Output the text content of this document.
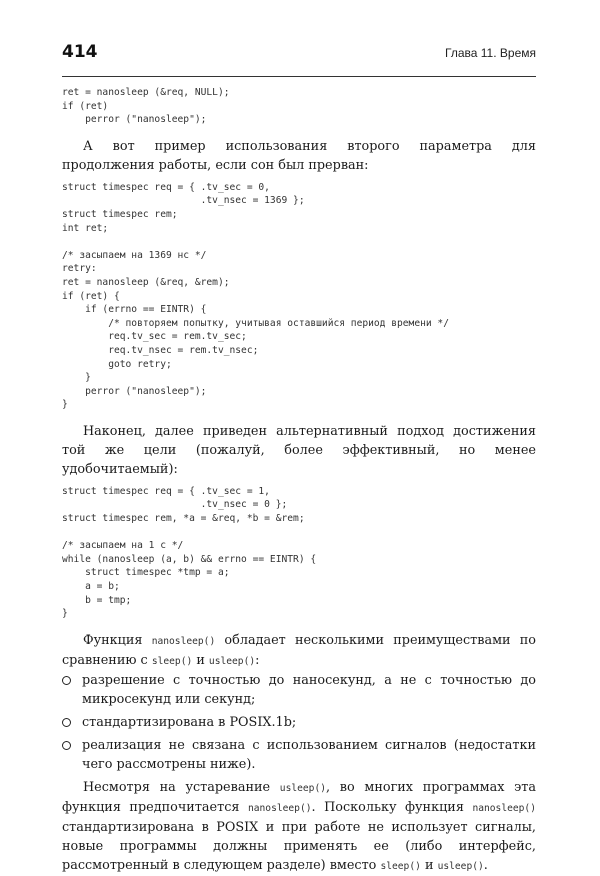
414	Глава 11. Время
ret = nanosleep (&req, NULL);
if (ret)
perror ("nanosleep");

А вот пример использования второго параметра для продолжения работы, если сон был прерван:

struct timespec req = { .tv_sec = 0,
.tv_nsec = 1369 };
struct timespec rem;
int ret;

/* засыпаем на 1369 нс */
retry:
ret = nanosleep (&req, &rem);
if (ret) {
if (errno == EINTR) {
/* повторяем попытку, учитывая оставшийся период времени */
req.tv_sec = rem.tv_sec;
req.tv_nsec = rem.tv_nsec;
goto retry;
}
perror ("nanosleep");
}

Наконец, далее приведен альтернативный подход достижения той же цели (пожалуй, более эффективный, но менее удобочитаемый):

struct timespec req = { .tv_sec = 1,
.tv_nsec = 0 };
struct timespec rem, *a = &req, *b = &rem;

/* засыпаем на 1 с */
while (nanosleep (a, b) && errno == EINTR) {
struct timespec *tmp = a;
a = b;
b = tmp;
}

Функция nanosleep() обладает несколькими преимуществами по сравнению с sleep() и usleep():

разрешение с точностью до наносекунд, а не с точностью до микросекунд или секунд;
стандартизирована в POSIX.1b;
реализация не связана с использованием сигналов (недостатки чего рассмотрены ниже).

Несмотря на устаревание usleep(), во многих программах эта функция предпочитается nanosleep(). Поскольку функция nanosleep() стандартизирована в POSIX и при работе не использует сигналы, новые программы должны применять ее (либо интерфейс, рассмотренный в следующем разделе) вместо sleep() и usleep().
